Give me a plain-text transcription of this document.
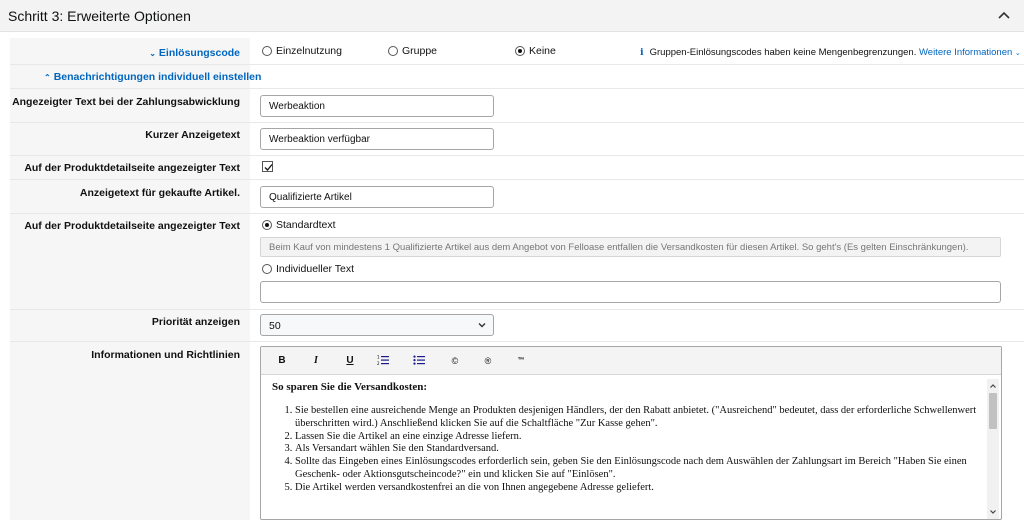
Schritt 3: Erweiterte Optionen
⌄ Einlösungscode	Einzelnutzung	Gruppe	Keine	i Gruppen-Einlösungscodes haben keine Mengenbegrenzungen. Weitere Informationen ⌄
⌃ Benachrichtigungen individuell einstellen
Angezeigter Text bei der Zahlungsabwicklung	Werbeaktion
Kurzer Anzeigetext	Werbeaktion verfügbar
Auf der Produktdetailseite angezeigter Text
Anzeigetext für gekaufte Artikel.	Qualifizierte Artikel
Auf der Produktdetailseite angezeigter Text	Standardtext
Beim Kauf von mindestens 1 Qualifizierte Artikel aus dem Angebot von Felloase entfallen die Versandkosten für diesen Artikel. So geht's (Es gelten Einschränkungen).
Individueller Text
Priorität anzeigen	50
Informationen und Richtlinien	B	I	U	1
2	©	®	™
So sparen Sie die Versandkosten:
1. Sie bestellen eine ausreichende Menge an Produkten desjenigen Händlers, der den Rabatt anbietet. ("Ausreichend" bedeutet, dass der erforderliche Schwellenwert überschritten wird.) Anschließend klicken Sie auf die Schaltfläche "Zur Kasse gehen".
2. Lassen Sie die Artikel an eine einzige Adresse liefern.
3. Als Versandart wählen Sie den Standardversand.
4. Sollte das Eingeben eines Einlösungscodes erforderlich sein, geben Sie den Einlösungscode nach dem Auswählen der Zahlungsart im Bereich "Haben Sie einen Geschenk- oder Aktionsgutscheincode?" ein und klicken Sie auf "Einlösen".
5. Die Artikel werden versandkostenfrei an die von Ihnen angegebene Adresse geliefert.
